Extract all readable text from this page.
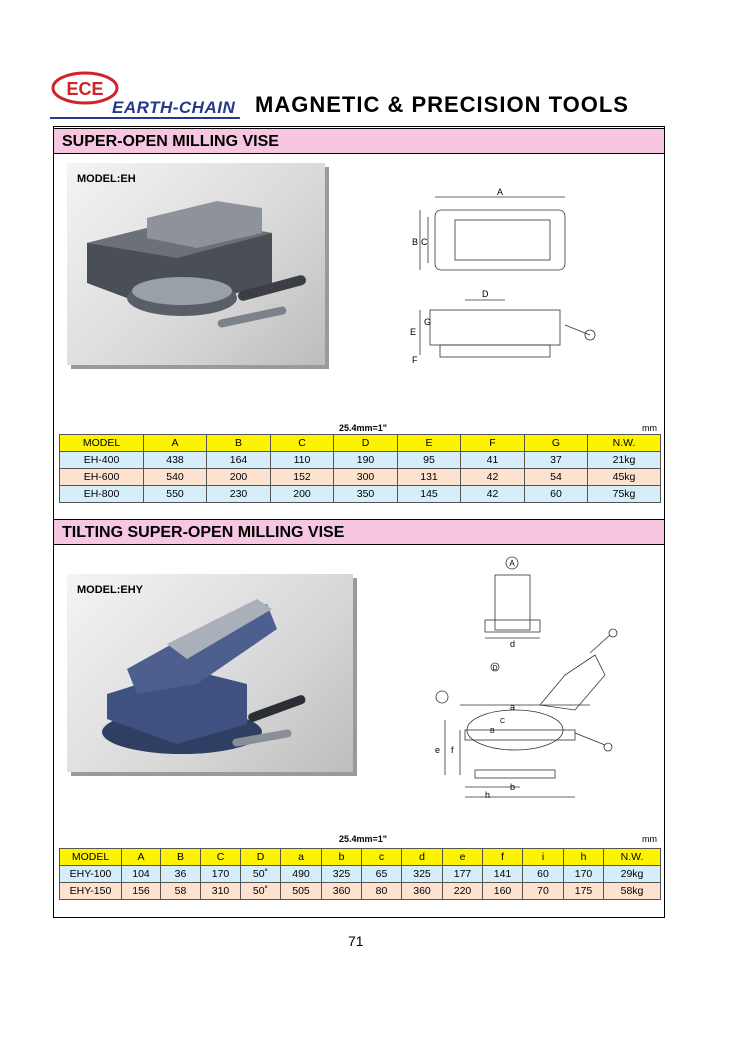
ECE
EARTH-CHAIN MAGNETIC & PRECISION TOOLS
SUPER-OPEN MILLING VISE
MODEL:EH
A
B C
D
E
G
F
25.4mm=1"	mm
MODEL	A	B	C	D	E	F	G	N.W.
EH-400	438	164	110	190	95	41	37	21kg
EH-600	540	200	152	300	131	42	54	45kg
EH-800	550	230	200	350	145	42	60	75kg
TILTING SUPER-OPEN MILLING VISE
MODEL:EHY
A
d
D
a
C
B
e f
h
b
25.4mm=1"	mm
MODEL	A	B	C	D	a	b	c	d	e	f	i	h	N.W.
EHY-100	104	36	170	50˚	490	325	65	325	177	141	60	170	29kg
EHY-150	156	58	310	50˚	505	360	80	360	220	160	70	175	58kg
71
